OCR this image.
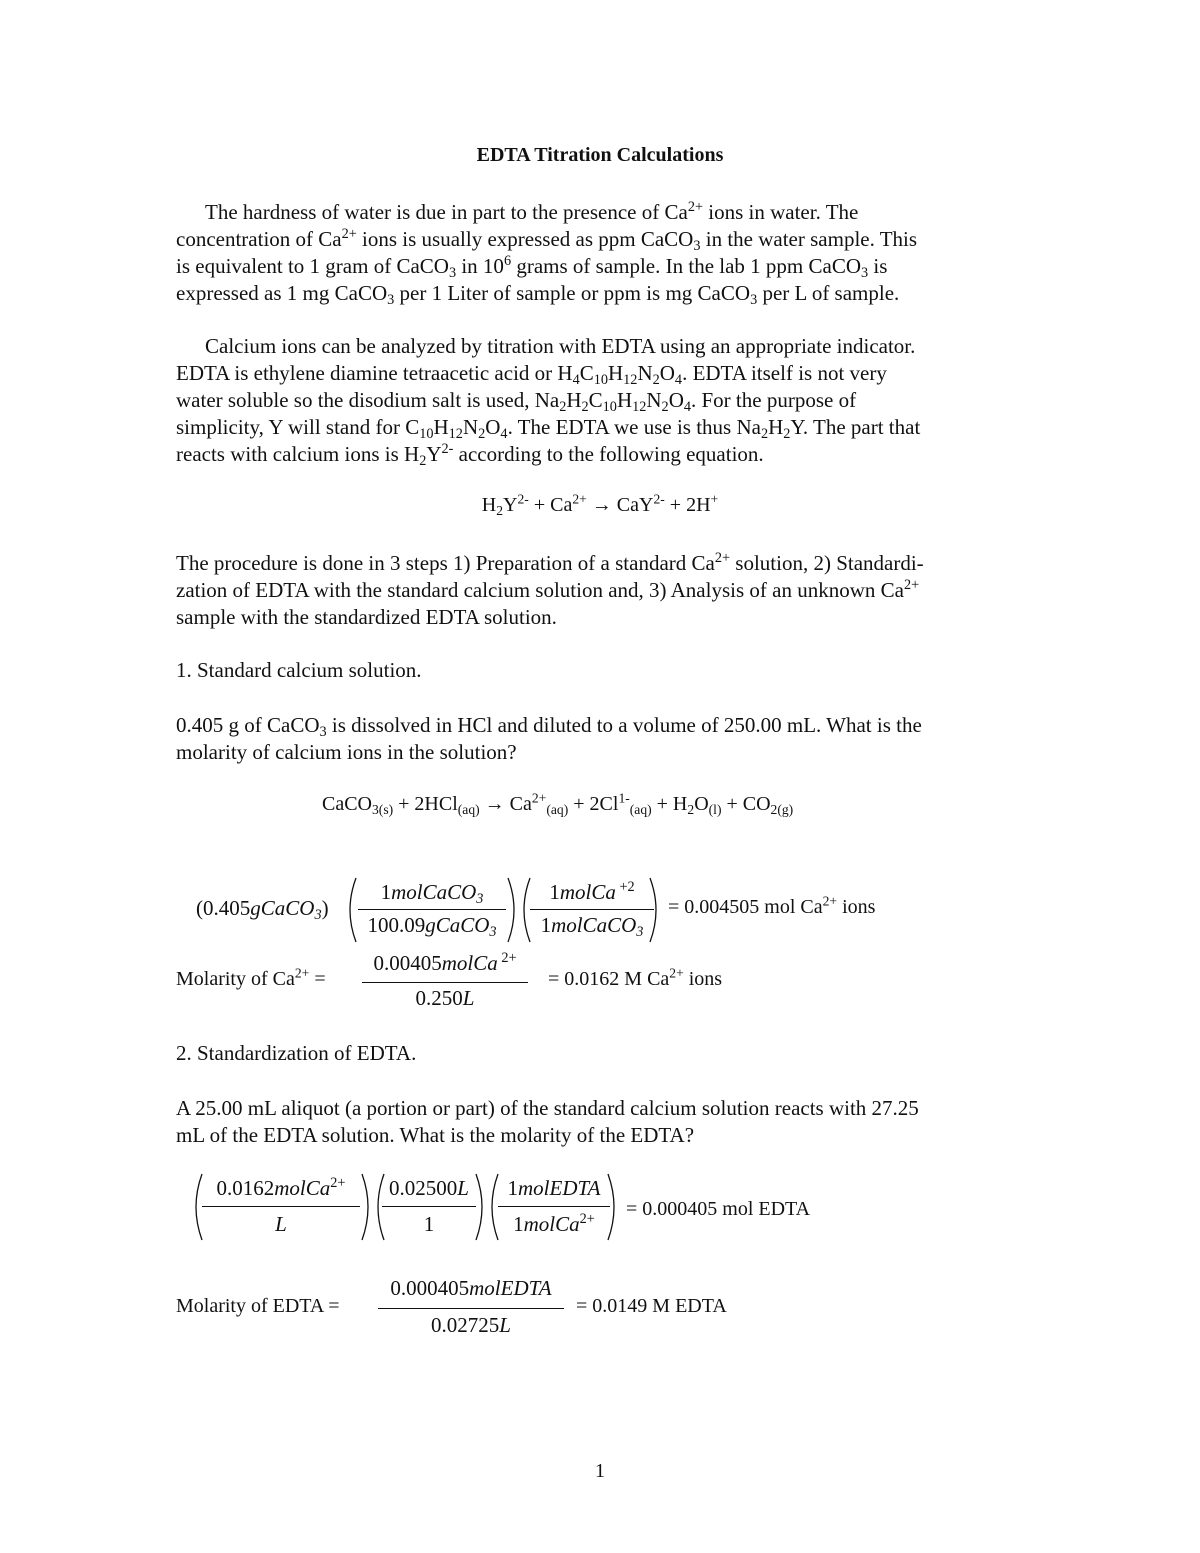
EDTA Titration Calculations

The hardness of water is due in part to the presence of $Ca^{2+}$ ions in water. The

concentration of $Ca^{2+}$ ions is usually expressed as ppm CaCO$_3$ in the water sample. This

is equivalent to 1 gram of CaCO$_3$ in $10^6$ grams of sample. In the lab 1 ppm CaCO$_3$ is

expressed as 1 mg CaCO$_3$ per 1 Liter of sample or ppm is mg CaCO$_3$ per L of sample.

Calcium ions can be analyzed by titration with EDTA using an appropriate indicator.

EDTA is ethylene diamine tetraacetic acid or $H_4C_{10}H_{12}N_2O_4$. EDTA itself is not very

water soluble so the disodium salt is used, $Na_2H_2C_{10}H_{12}N_2O_4$. For the purpose of

simplicity, Y will stand for $C_{10}H_{12}N_2O_4$. The EDTA we use is thus $Na_2H_2Y$. The part that

reacts with calcium ions is $H_2Y^{2-}$ according to the following equation.

$H_2Y^{2-} + Ca^{2+} \to CaY^{2-} + 2H^+$

The procedure is done in 3 steps 1) Preparation of a standard $Ca^{2+}$ solution, 2) Standardi-

zation of EDTA with the standard calcium solution and, 3) Analysis of an unknown $Ca^{2+}$

sample with the standardized EDTA solution.

1. Standard calcium solution.

0.405 g of CaCO$_3$ is dissolved in HCl and diluted to a volume of 250.00 mL. What is the

molarity of calcium ions in the solution?

CaCO$_{3(s)}$ + $2HCl_{(aq)} \to Ca^{2+}_{(aq)} + 2Cl^{1-}_{(aq)} + H_2O_{(l)} + CO_{2(g)}$
(0.405gCaCO$_3$)
1molCaCO$_3$
100.09gCaCO$_3$
1molCa $^{+2}$
1molCaCO$_3$
= 0.004505 mol $Ca^{2+}$ ions
Molarity of $Ca^{2+}$ =
0.00405molCa $^{2+}$
0.250L
= 0.0162 M $Ca^{2+}$ ions

2. Standardization of EDTA.

A 25.00 mL aliquot (a portion or part) of the standard calcium solution reacts with 27.25

mL of the EDTA solution. What is the molarity of the EDTA?

0.0162molCa$^{2+}$
L
0.02500L
1
1molEDTA
1molCa$^{2+}$	= 0.000405 mol EDTA
Molarity of EDTA =
0.000405molEDTA
0.02725L
= 0.0149 M EDTA
1
